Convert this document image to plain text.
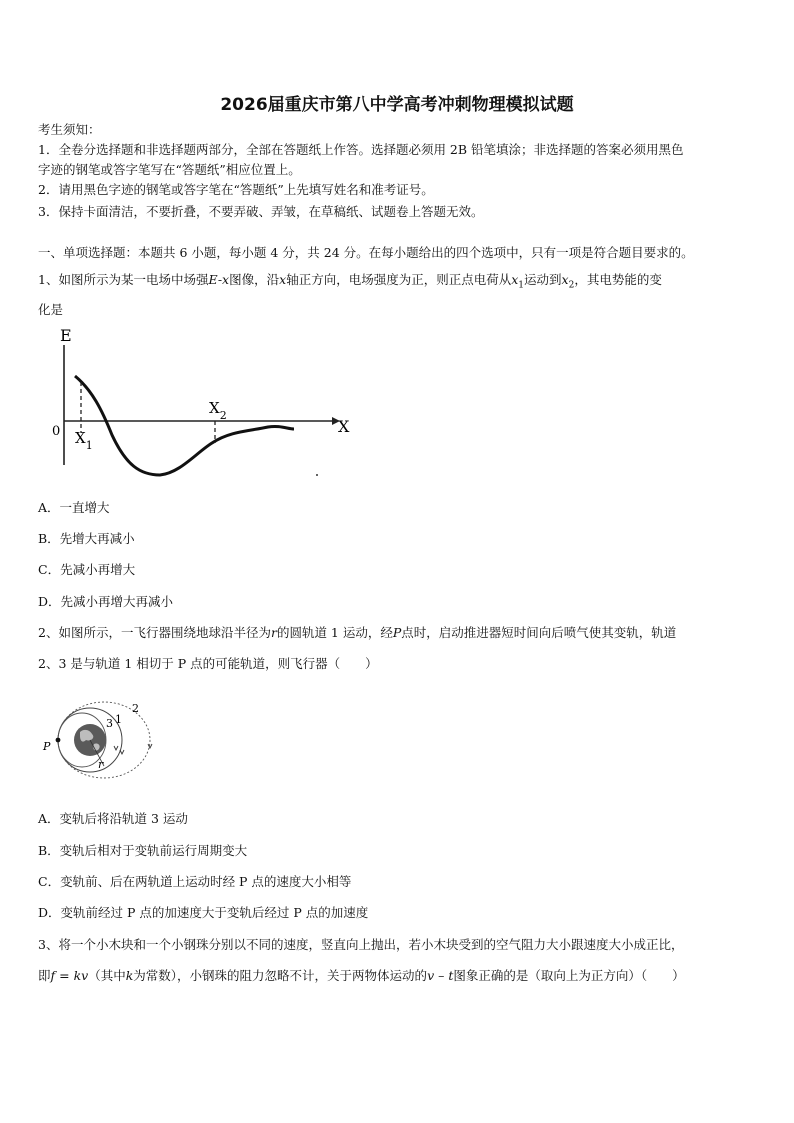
2026届重庆市第八中学高考冲刺物理模拟试题
考生须知：
1．全卷分选择题和非选择题两部分，全部在答题纸上作答。选择题必须用 2B 铅笔填涂；非选择题的答案必须用黑色
字迹的钢笔或答字笔写在“答题纸”相应位置上。
2．请用黑色字迹的钢笔或答字笔在“答题纸”上先填写姓名和准考证号。
3．保持卡面清洁，不要折叠，不要弄破、弄皱，在草稿纸、试题卷上答题无效。
一、单项选择题：本题共 6 小题，每小题 4 分，共 24 分。在每小题给出的四个选项中，只有一项是符合题目要求的。
1、如图所示为某一电场中场强E-x图像，沿x轴正方向，电场强度为正，则正点电荷从$x_1$运动到$x_2$，其电势能的变
化是
E
X
0 $X_1$
$X_2$
A．一直增大
B．先增大再减小
C．先减小再增大
D．先减小再增大再减小
2、如图所示，一飞行器围绕地球沿半径为r的圆轨道 1 运动，经P点时，启动推进器短时间向后喷气使其变轨，轨道
2、3 是与轨道 1 相切于 P 点的可能轨道，则飞行器（　　）
P
r
3 1
2
A．变轨后将沿轨道 3 运动
B．变轨后相对于变轨前运行周期变大
C．变轨前、后在两轨道上运动时经 P 点的速度大小相等
D．变轨前经过 P 点的加速度大于变轨后经过 P 点的加速度
3、将一个小木块和一个小钢珠分别以不同的速度，竖直向上抛出，若小木块受到的空气阻力大小跟速度大小成正比，
即f = kv（其中k为常数），小钢珠的阻力忽略不计，关于两物体运动的v – t图象正确的是（取向上为正方向）（　　）
